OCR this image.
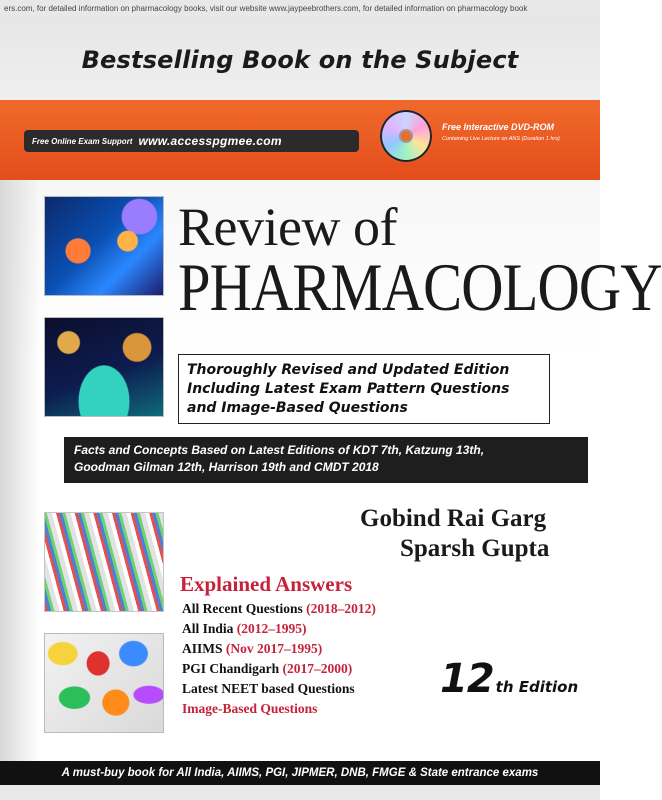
ers.com, for detailed information on pharmacology books, visit our website www.jaypeebrothers.com, for detailed information on pharmacology book
Bestselling Book on the Subject
Free Online Exam Support www.accesspgmee.com
Free Interactive DVD-ROM
Containing Live Lecture on ANS (Duration 1 hrs)
Review of
PHARMACOLOGY
Thoroughly Revised and Updated Edition
Including Latest Exam Pattern Questions
and Image-Based Questions
Facts and Concepts Based on Latest Editions of KDT 7th, Katzung 13th,
Goodman Gilman 12th, Harrison 19th and CMDT 2018
Gobind Rai Garg
Sparsh Gupta
Explained Answers
All Recent Questions (2018–2012)
All India (2012–1995)
AIIMS (Nov 2017–1995)
PGI Chandigarh (2017–2000)
Latest NEET based Questions
Image-Based Questions
12 th Edition
A must-buy book for All India, AIIMS, PGI, JIPMER, DNB, FMGE & State entrance exams
